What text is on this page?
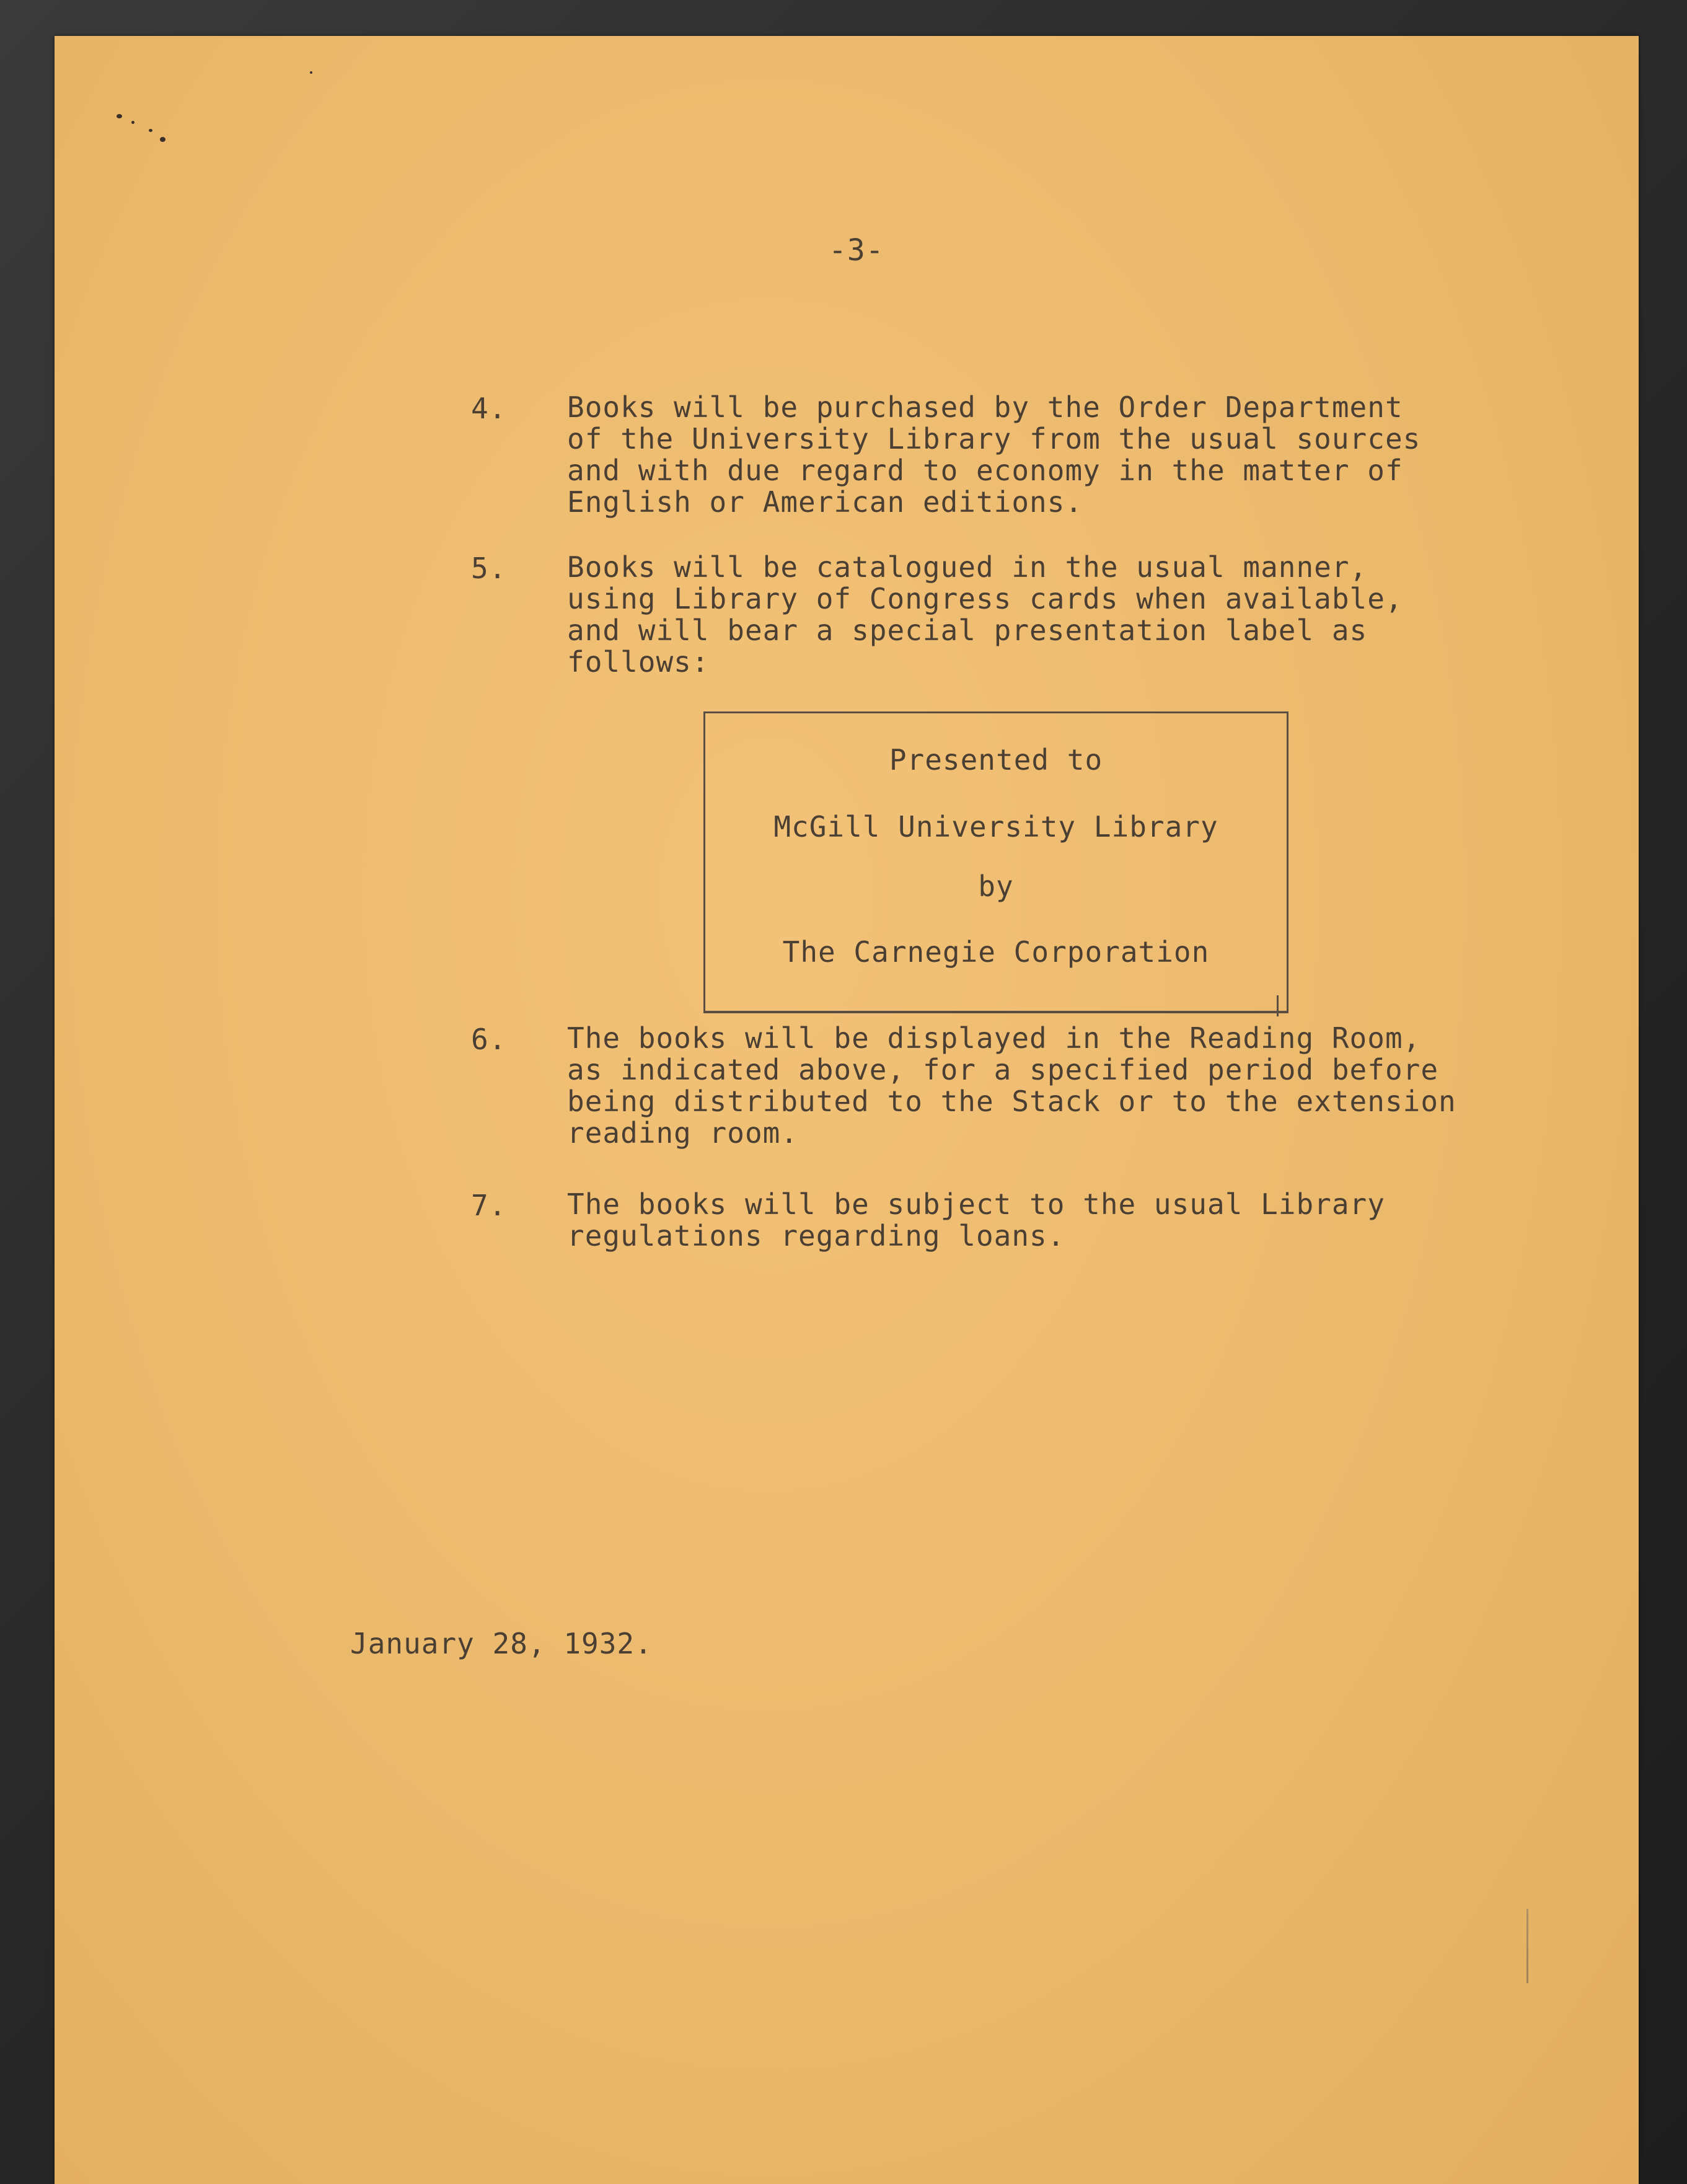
-3-
4. Books will be purchased by the Order Department
of the University Library from the usual sources
and with due regard to economy in the matter of
English or American editions.
5. Books will be catalogued in the usual manner,
using Library of Congress cards when available,
and will bear a special presentation label as
follows:
Presented to
McGill University Library
by
The Carnegie Corporation
6. The books will be displayed in the Reading Room,
as indicated above, for a specified period before
being distributed to the Stack or to the extension
reading room.
7. The books will be subject to the usual Library
regulations regarding loans.
January 28, 1932.
